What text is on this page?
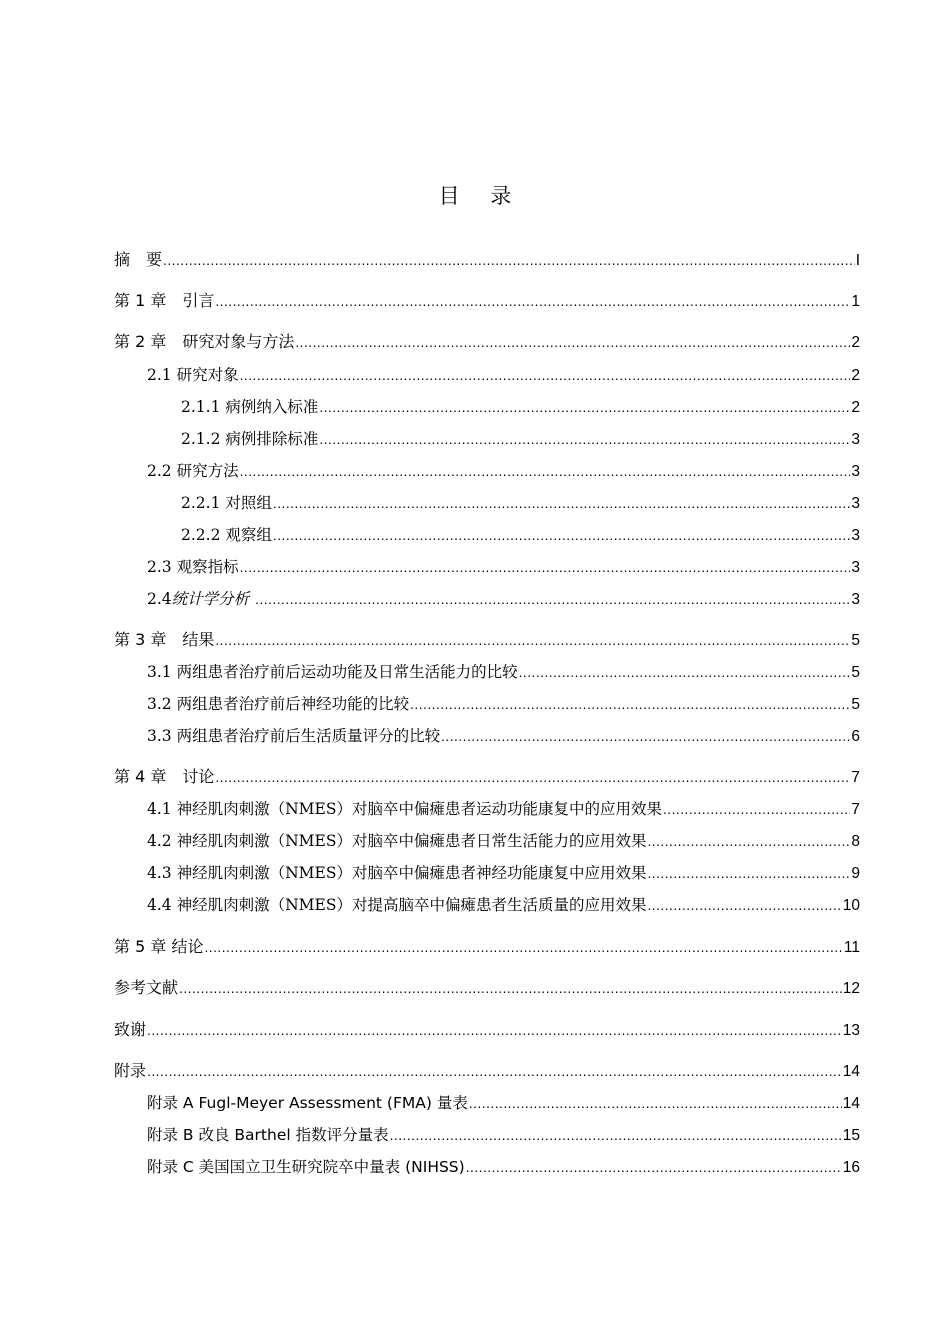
目 录
摘　要 .....	I
第 1 章　引言 .....	1
第 2 章　研究对象与方法 .....	2
2.1 研究对象 .....	2
2.1.1 病例纳入标准 .....	2
2.1.2 病例排除标准 .....	3
2.2 研究方法 .....	3
2.2.1 对照组 .....	3
2.2.2 观察组 .....	3
2.3 观察指标 .....	3
2.4统计学分析 .....	3
第 3 章　结果 .....	5
3.1 两组患者治疗前后运动功能及日常生活能力的比较 .....	5
3.2 两组患者治疗前后神经功能的比较 .....	5
3.3 两组患者治疗前后生活质量评分的比较 .....	6
第 4 章　讨论 .....	7
4.1 神经肌肉刺激（NMES）对脑卒中偏瘫患者运动功能康复中的应用效果 .....	7
4.2 神经肌肉刺激（NMES）对脑卒中偏瘫患者日常生活能力的应用效果 .....	8
4.3 神经肌肉刺激（NMES）对脑卒中偏瘫患者神经功能康复中应用效果 .....	9
4.4 神经肌肉刺激（NMES）对提高脑卒中偏瘫患者生活质量的应用效果 .....	10
第 5 章 结论 .....	11
参考文献 .....	12
致谢 .....	13
附录 .....	14
附录 A Fugl-Meyer Assessment (FMA) 量表 .....	14
附录 B 改良 Barthel 指数评分量表 .....	15
附录 C 美国国立卫生研究院卒中量表 (NIHSS) .....	16
